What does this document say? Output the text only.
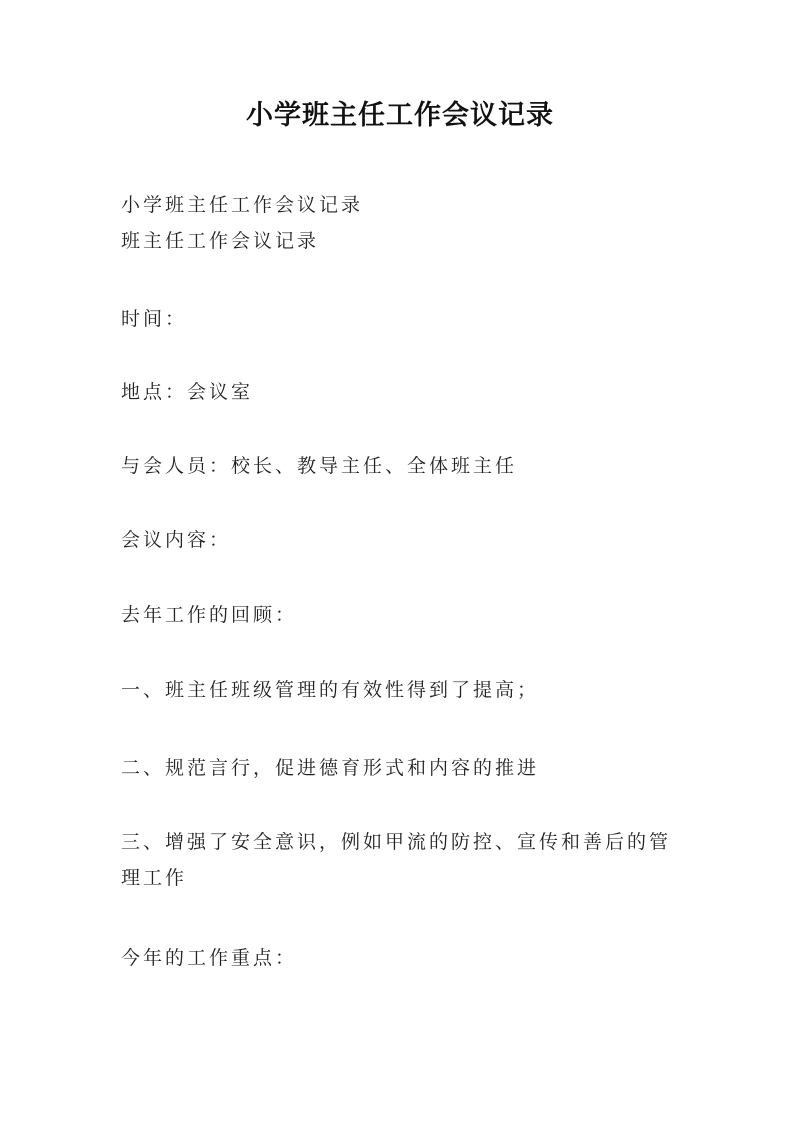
小学班主任工作会议记录
小学班主任工作会议记录
班主任工作会议记录
时间：
地点：会议室
与会人员：校长、教导主任、全体班主任
会议内容：
去年工作的回顾：
一、班主任班级管理的有效性得到了提高；
二、规范言行，促进德育形式和内容的推进
三、增强了安全意识，例如甲流的防控、宣传和善后的管理工作
今年的工作重点：
